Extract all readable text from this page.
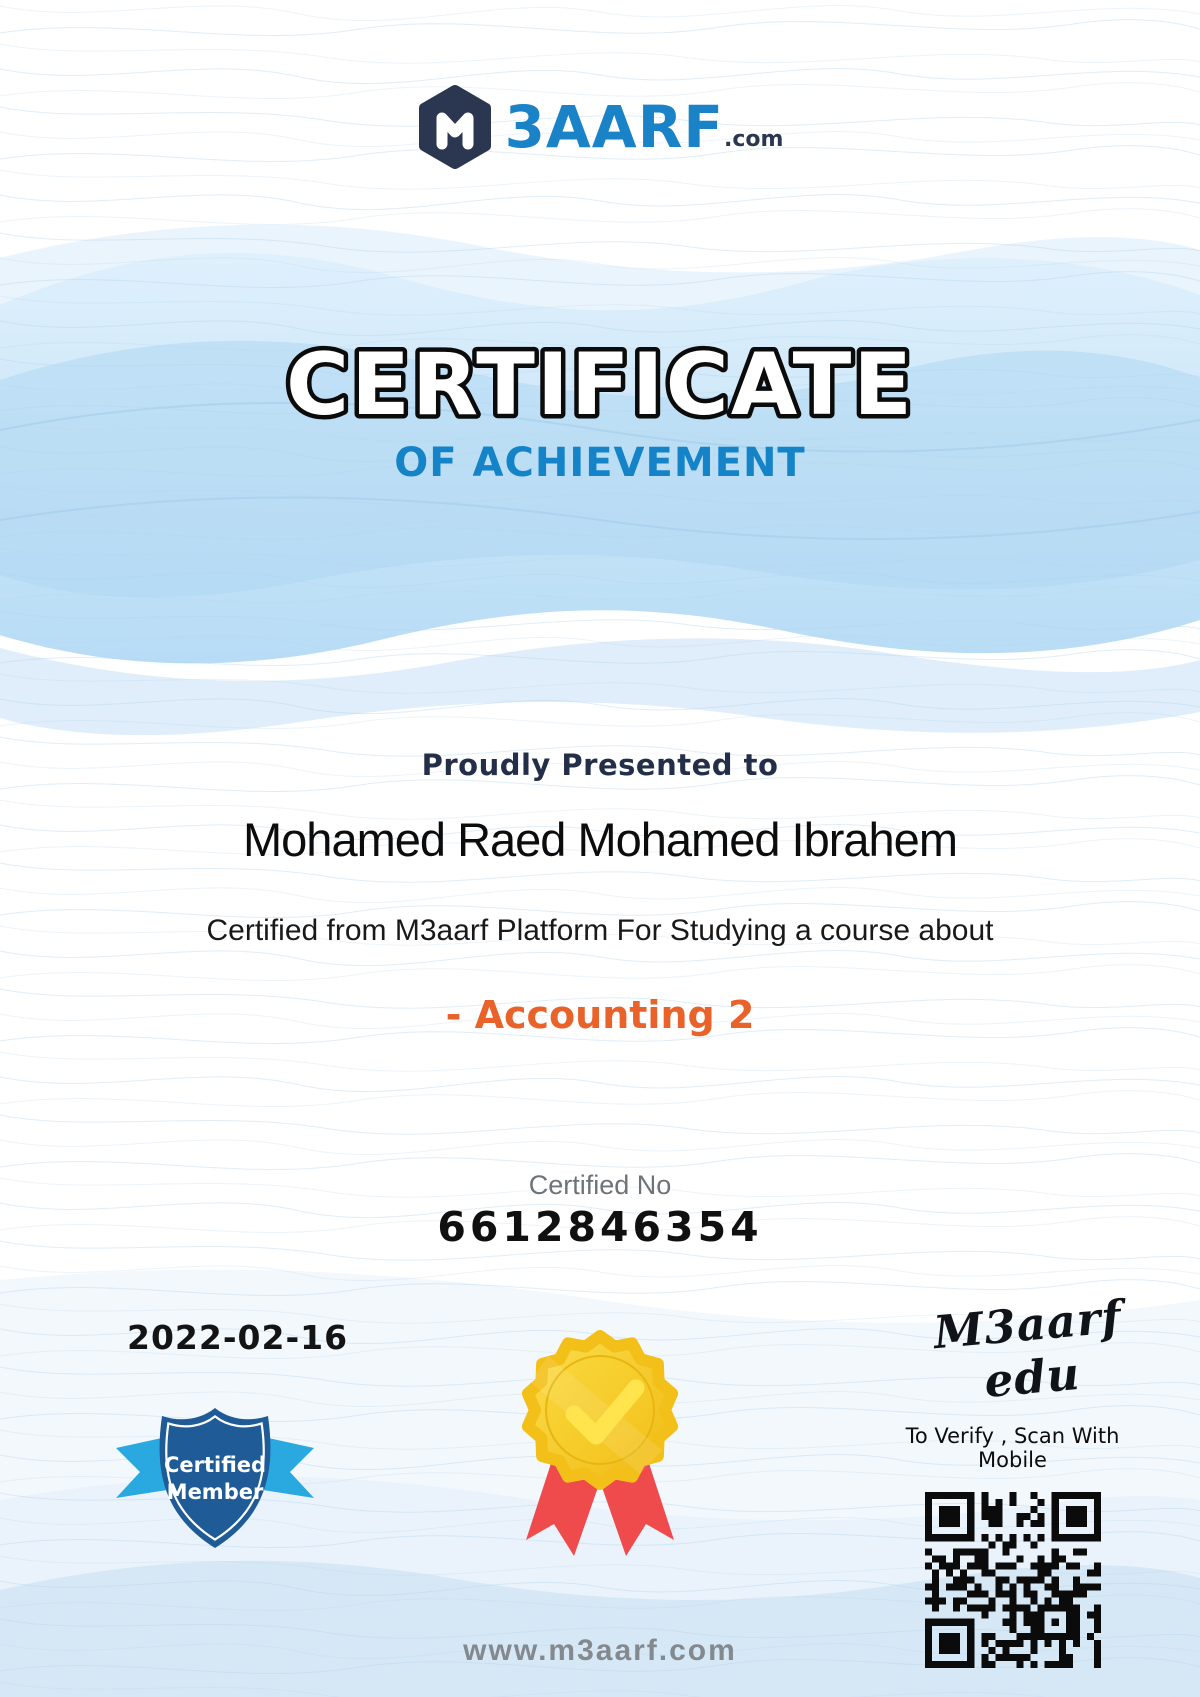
3AARF .com
CERTIFICATE
OF ACHIEVEMENT
Proudly Presented to
Mohamed Raed Mohamed Ibrahem
Certified from M3aarf Platform For Studying a course about
- Accounting 2
Certified No
6612846354
2022-02-16
Certified
Member
M3aarf edu
To Verify , Scan With Mobile
www.m3aarf.com
